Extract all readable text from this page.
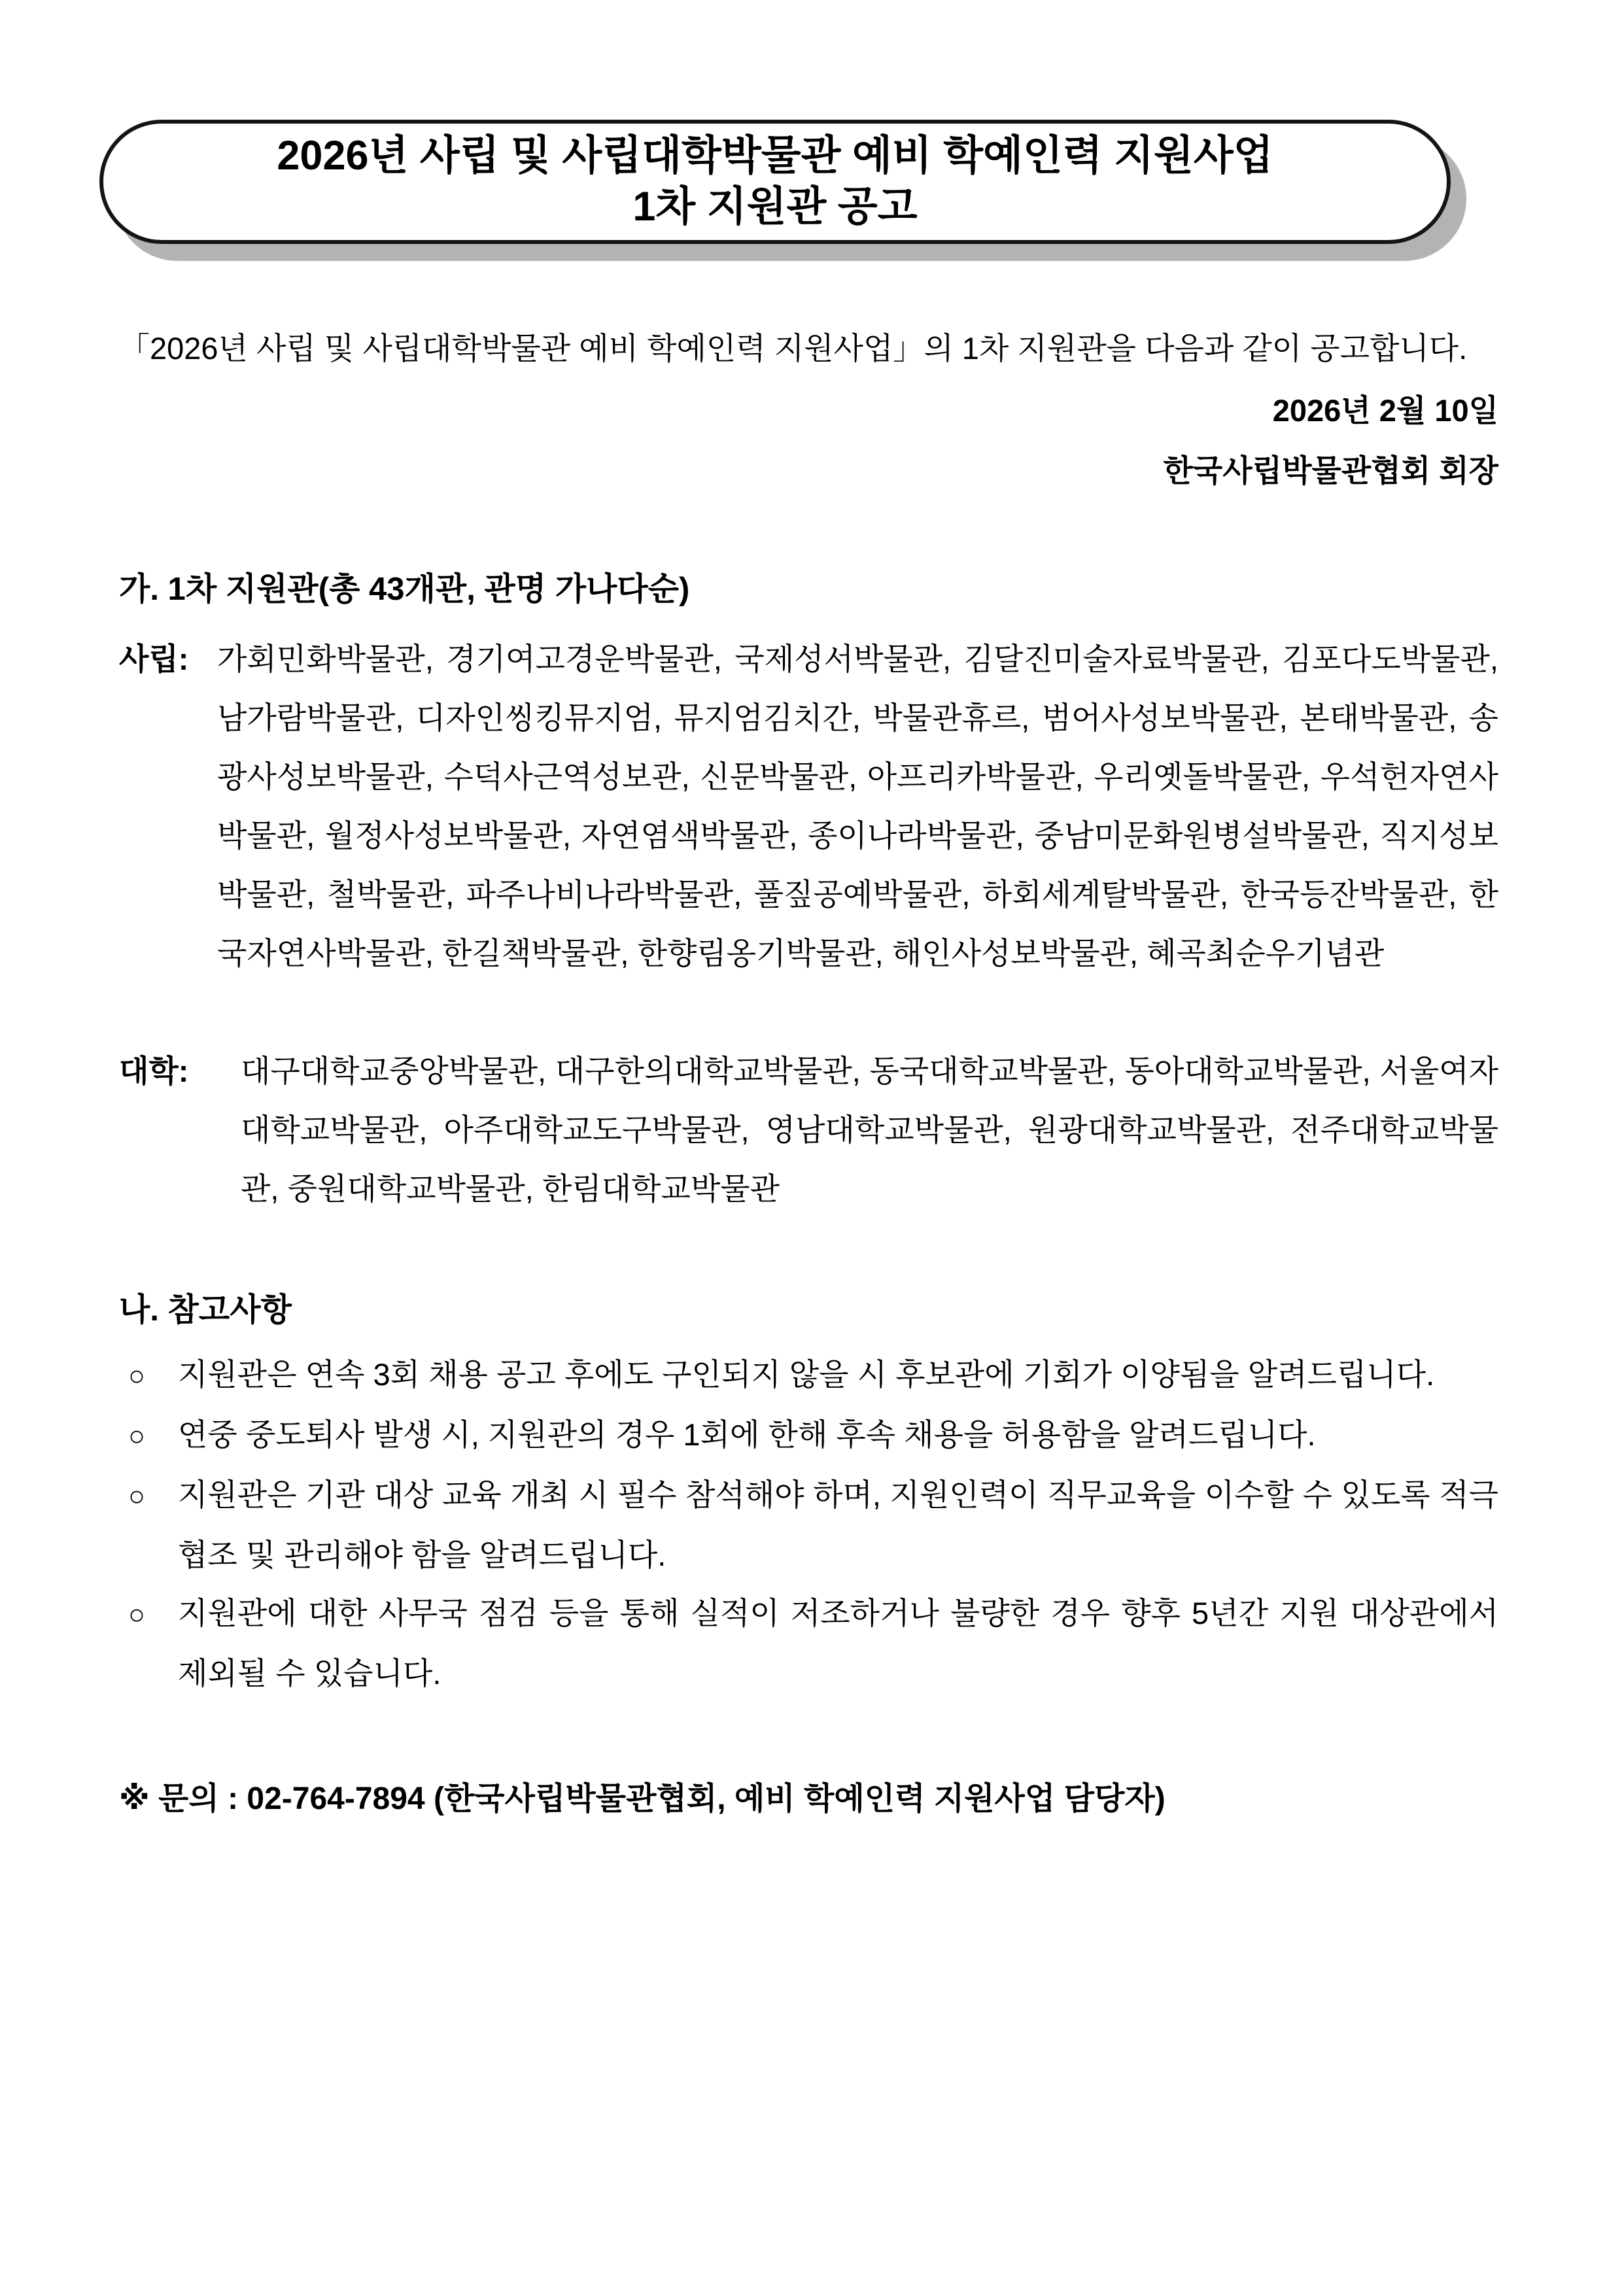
2026년 사립 및 사립대학박물관 예비 학예인력 지원사업
1차 지원관 공고

「2026년 사립 및 사립대학박물관 예비 학예인력 지원사업」의 1차 지원관을 다음과 같이 공고합니다.

2026년 2월 10일
한국사립박물관협회 회장
가. 1차 지원관(총 43개관, 관명 가나다순)
사립: 가회민화박물관, 경기여고경운박물관, 국제성서박물관, 김달진미술자료박물관, 김포다도박물관, 남가람박물관, 디자인씽킹뮤지엄, 뮤지엄김치간, 박물관휴르, 범어사성보박물관, 본태박물관, 송광사성보박물관, 수덕사근역성보관, 신문박물관, 아프리카박물관, 우리옛돌박물관, 우석헌자연사박물관, 월정사성보박물관, 자연염색박물관, 종이나라박물관, 중남미문화원병설박물관, 직지성보박물관, 철박물관, 파주나비나라박물관, 풀짚공예박물관, 하회세계탈박물관, 한국등잔박물관, 한국자연사박물관, 한길책박물관, 한향림옹기박물관, 해인사성보박물관, 혜곡최순우기념관
대학: 대구대학교중앙박물관, 대구한의대학교박물관, 동국대학교박물관, 동아대학교박물관, 서울여자대학교박물관, 아주대학교도구박물관, 영남대학교박물관, 원광대학교박물관, 전주대학교박물관, 중원대학교박물관, 한림대학교박물관
나. 참고사항

○ 지원관은 연속 3회 채용 공고 후에도 구인되지 않을 시 후보관에 기회가 이양됨을 알려드립니다.

○ 연중 중도퇴사 발생 시, 지원관의 경우 1회에 한해 후속 채용을 허용함을 알려드립니다.

○ 지원관은 기관 대상 교육 개최 시 필수 참석해야 하며, 지원인력이 직무교육을 이수할 수 있도록 적극 협조 및 관리해야 함을 알려드립니다.

○ 지원관에 대한 사무국 점검 등을 통해 실적이 저조하거나 불량한 경우 향후 5년간 지원 대상관에서 제외될 수 있습니다.

※ 문의 : 02-764-7894 (한국사립박물관협회, 예비 학예인력 지원사업 담당자)
